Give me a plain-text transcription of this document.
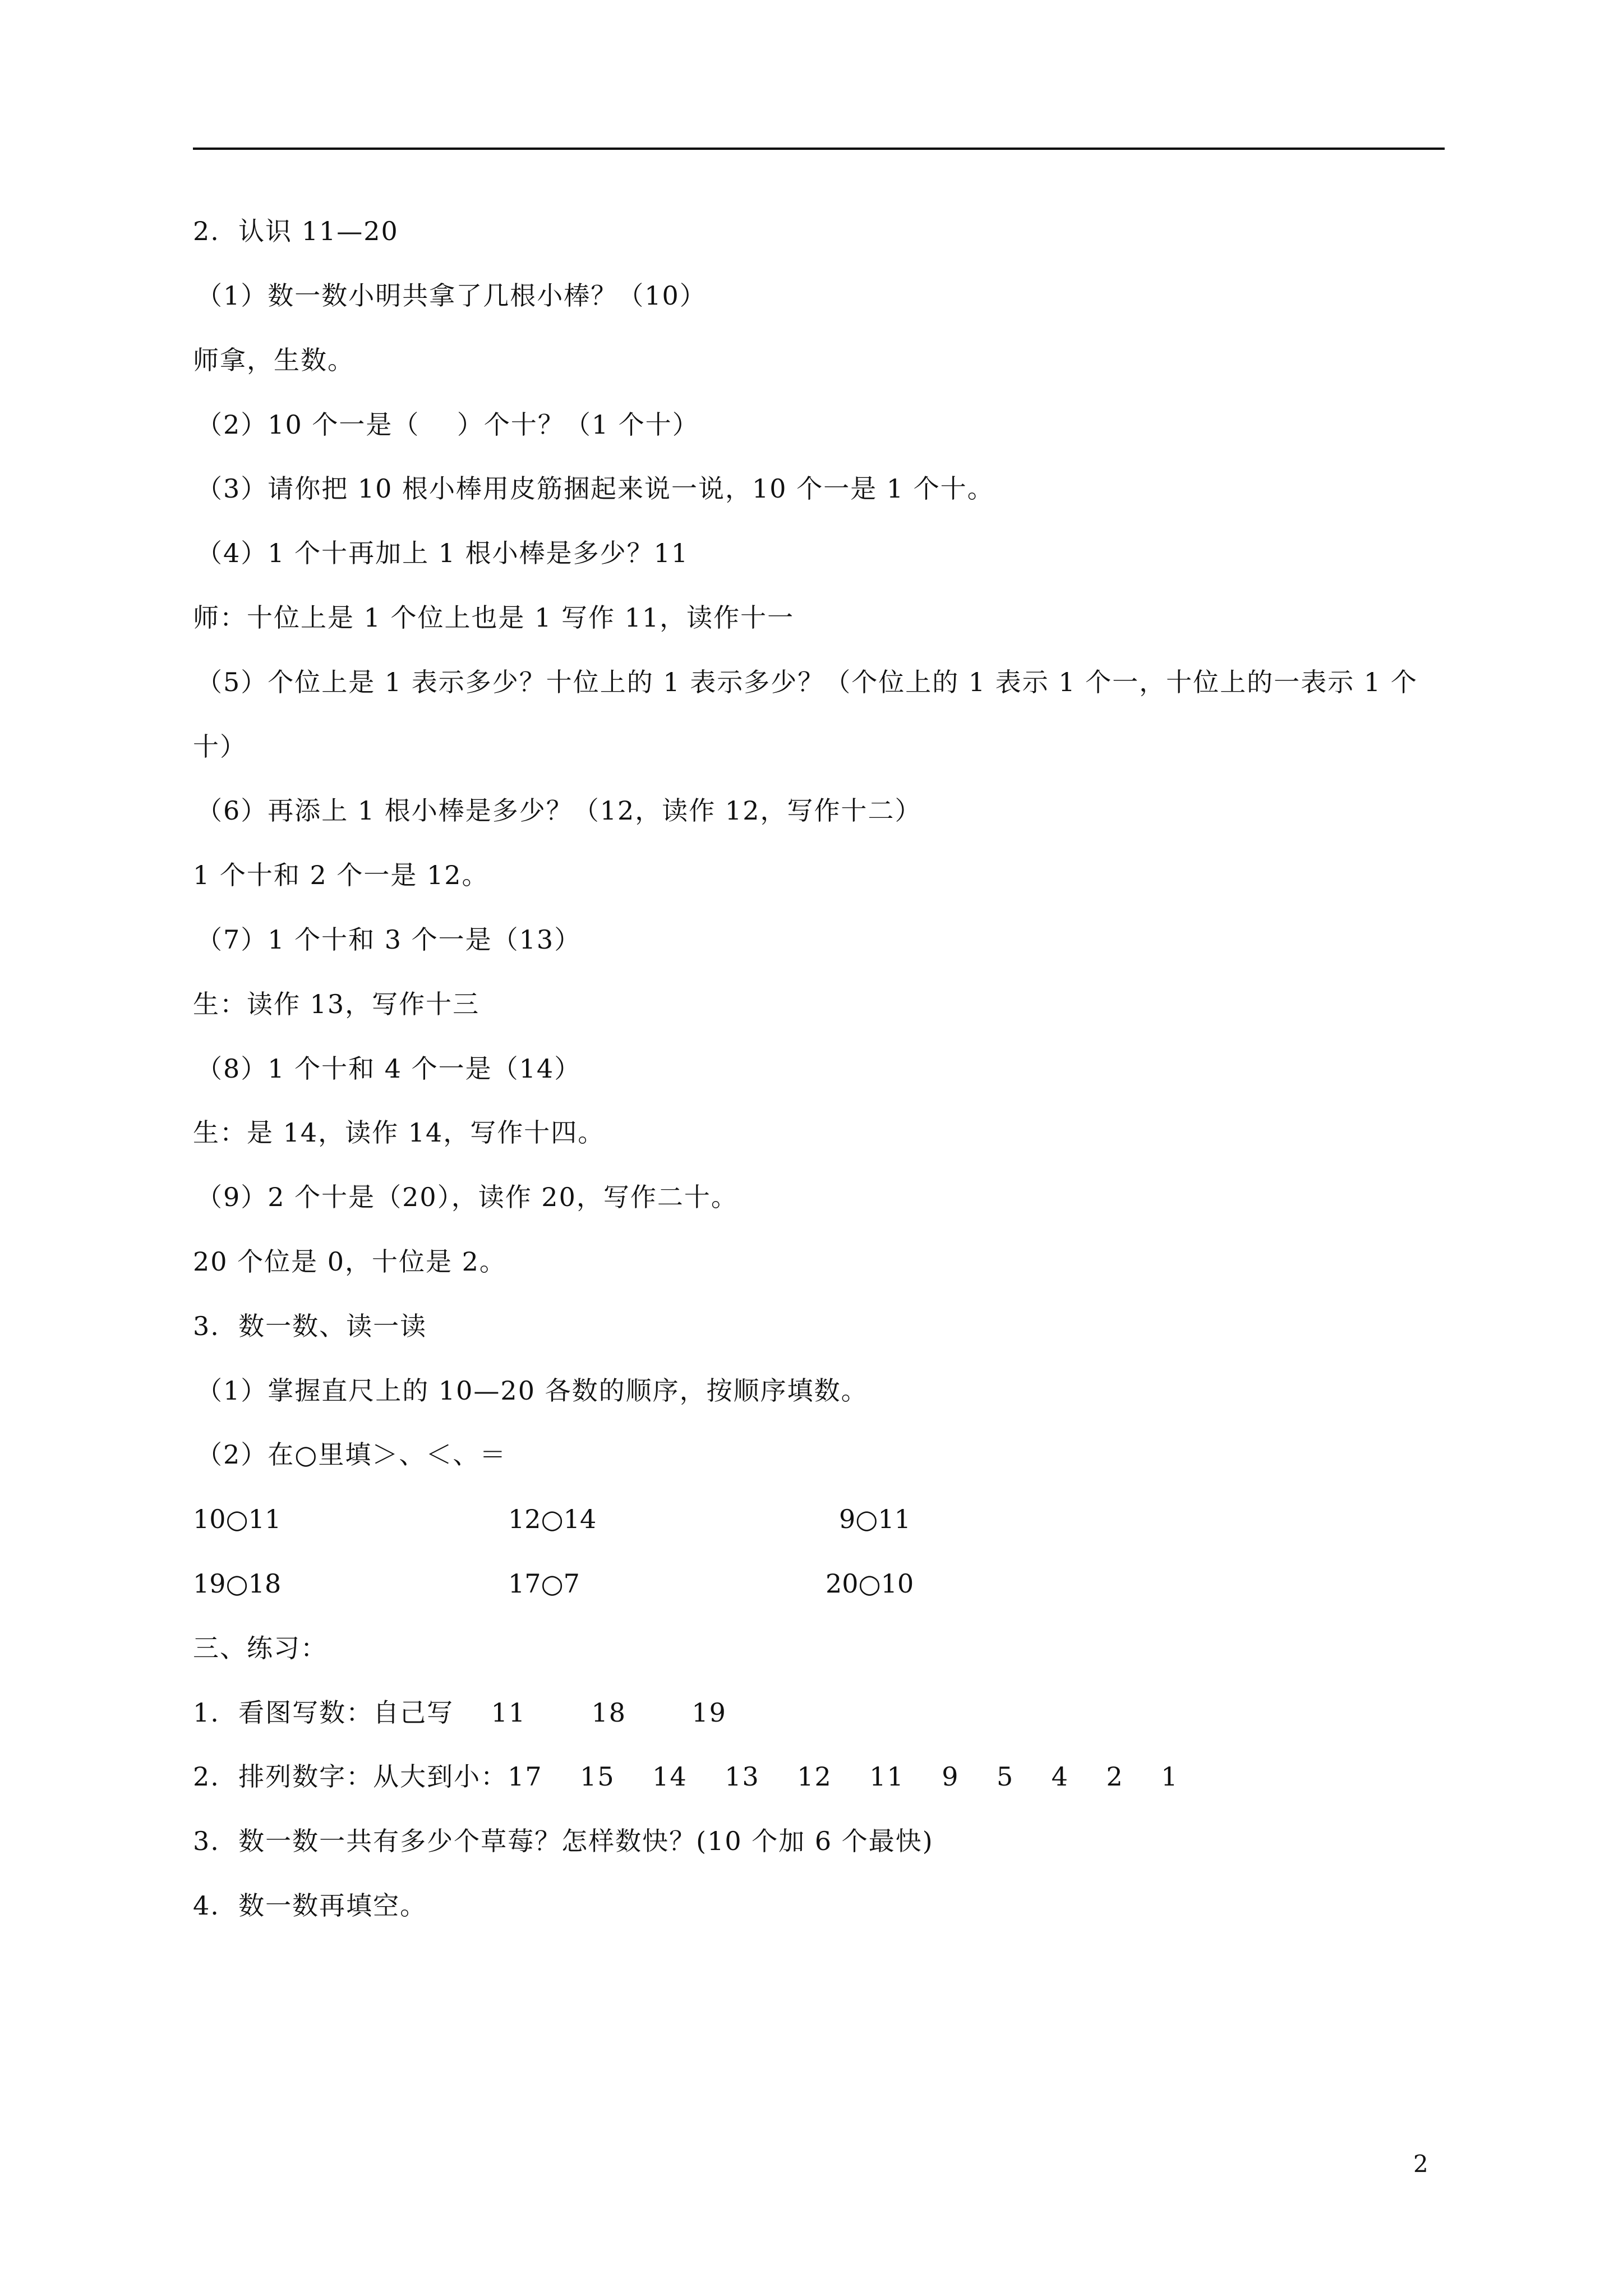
2.  认识 11—20
（1）数一数小明共拿了几根小棒？（10）
师拿，生数。
（2）10 个一是（    ）个十？（1 个十）
（3）请你把 10 根小棒用皮筋捆起来说一说，10 个一是 1 个十。
（4）1 个十再加上 1 根小棒是多少？11
师：十位上是 1 个位上也是 1 写作 11，读作十一
（5）个位上是 1 表示多少？十位上的 1 表示多少？（个位上的 1 表示 1 个一，十位上的一表示 1 个
十）
（6）再添上 1 根小棒是多少？（12，读作 12，写作十二）
1 个十和 2 个一是 12。
（7）1 个十和 3 个一是（13）
生：读作 13，写作十三
（8）1 个十和 4 个一是（14）
生：是 14，读作 14，写作十四。
（9）2 个十是（20），读作 20，写作二十。
20 个位是 0，十位是 2。
3.  数一数、读一读
（1）掌握直尺上的 10—20 各数的顺序，按顺序填数。
（2）在○里填＞、＜、＝
10○11	12○14	9○11
19○18	17○7	20○10
三、练习：
1.  看图写数：自己写    11       18       19
2.  排列数字：从大到小：17    15    14    13    12    11    9    5    4    2    1
3.  数一数一共有多少个草莓？怎样数快？(10 个加 6 个最快)
4.  数一数再填空。
2
